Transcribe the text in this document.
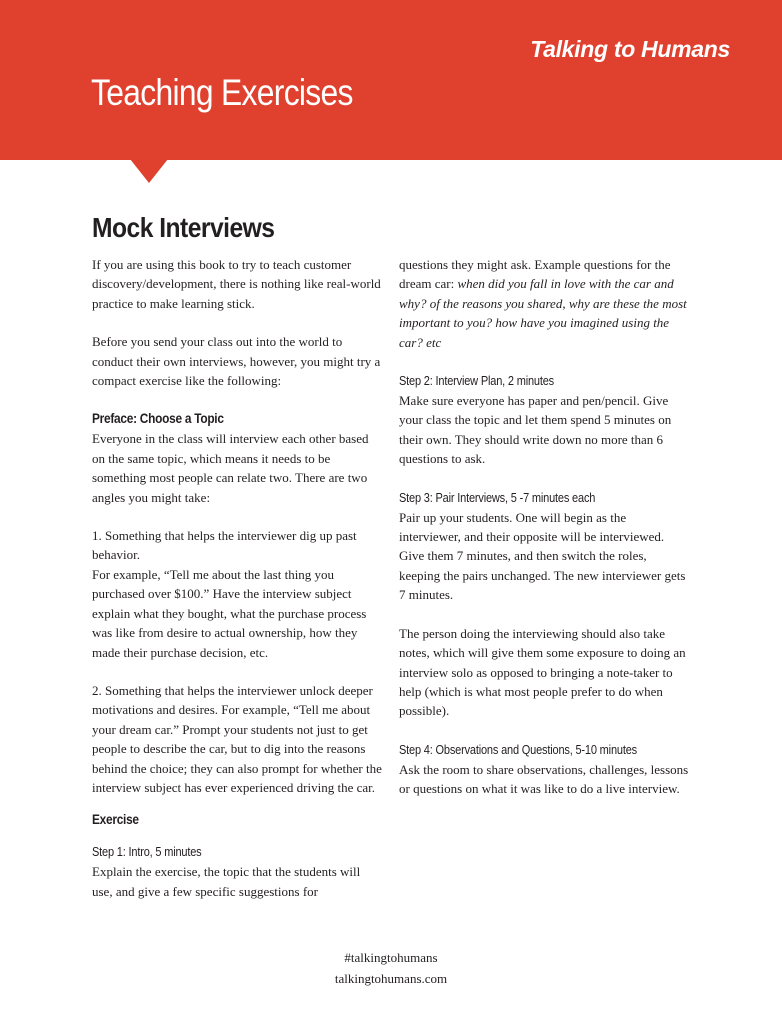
Talking to Humans
Teaching Exercises
Mock Interviews

If you are using this book to try to teach customer discovery/development, there is nothing like real-world practice to make learning stick.

Before you send your class out into the world to conduct their own interviews, however, you might try a compact exercise like the following:

Preface: Choose a Topic

Everyone in the class will interview each other based on the same topic, which means it needs to be something most people can relate two. There are two angles you might take:

1. Something that helps the interviewer dig up past behavior.

For example, “Tell me about the last thing you purchased over $100.” Have the interview subject explain what they bought, what the purchase process was like from desire to actual ownership, how they made their purchase decision, etc.

2. Something that helps the interviewer unlock deeper motivations and desires. For example, “Tell me about your dream car.” Prompt your students not just to get people to describe the car, but to dig into the reasons behind the choice; they can also prompt for whether the interview subject has ever experienced driving the car.

Exercise

Step 1: Intro, 5 minutes

Explain the exercise, the topic that the students will use, and give a few specific suggestions for

questions they might ask. Example questions for the dream car: when did you fall in love with the car and why? of the reasons you shared, why are these the most important to you? how have you imagined using the car? etc

Step 2: Interview Plan, 2 minutes

Make sure everyone has paper and pen/pencil. Give your class the topic and let them spend 5 minutes on their own. They should write down no more than 6 questions to ask.

Step 3: Pair Interviews, 5 -7 minutes each

Pair up your students. One will begin as the interviewer, and their opposite will be interviewed. Give them 7 minutes, and then switch the roles, keeping the pairs unchanged. The new interviewer gets 7 minutes.

The person doing the interviewing should also take notes, which will give them some exposure to doing an interview solo as opposed to bringing a note-taker to help (which is what most people prefer to do when possible).

Step 4: Observations and Questions, 5-10 minutes

Ask the room to share observations, challenges, lessons or questions on what it was like to do a live interview.

#talkingtohumans
talkingtohumans.com
